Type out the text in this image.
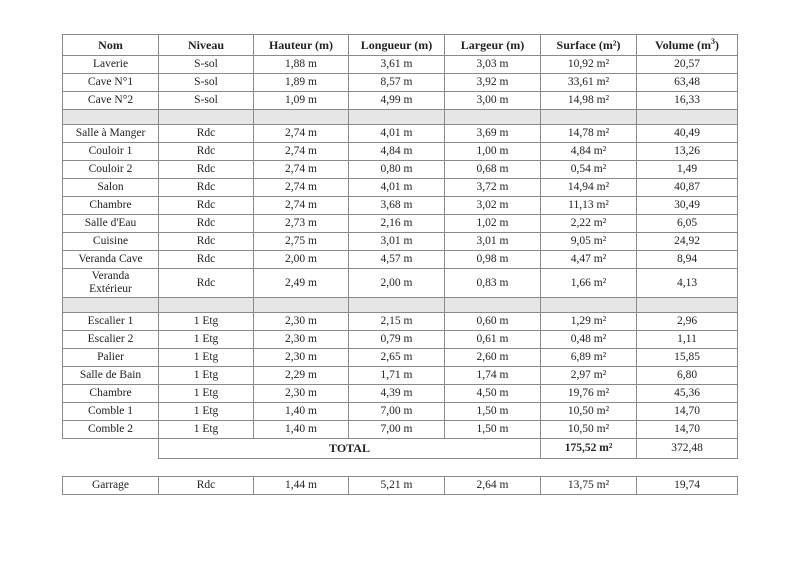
Nom	Niveau	Hauteur (m)	Longueur (m)	Largeur (m)	Surface (m²)	Volume $(m^3)$
Laverie	S-sol	1,88 m	3,61 m	3,03 m	10,92 m²	20,57
Cave N°1	S-sol	1,89 m	8,57 m	3,92 m	33,61 m²	63,48
Cave N°2	S-sol	1,09 m	4,99 m	3,00 m	14,98 m²	16,33

Salle à Manger	Rdc	2,74 m	4,01 m	3,69 m	14,78 m²	40,49
Couloir 1	Rdc	2,74 m	4,84 m	1,00 m	4,84 m²	13,26
Couloir 2	Rdc	2,74 m	0,80 m	0,68 m	0,54 m²	1,49
Salon	Rdc	2,74 m	4,01 m	3,72 m	14,94 m²	40,87
Chambre	Rdc	2,74 m	3,68 m	3,02 m	11,13 m²	30,49
Salle d'Eau	Rdc	2,73 m	2,16 m	1,02 m	2,22 m²	6,05
Cuisine	Rdc	2,75 m	3,01 m	3,01 m	9,05 m²	24,92
Veranda Cave	Rdc	2,00 m	4,57 m	0,98 m	4,47 m²	8,94
Veranda
Extérieur	Rdc	2,49 m	2,00 m	0,83 m	1,66 m²	4,13

Escalier 1	1 Etg	2,30 m	2,15 m	0,60 m	1,29 m²	2,96
Escalier 2	1 Etg	2,30 m	0,79 m	0,61 m	0,48 m²	1,11
Palier	1 Etg	2,30 m	2,65 m	2,60 m	6,89 m²	15,85
Salle de Bain	1 Etg	2,29 m	1,71 m	1,74 m	2,97 m²	6,80
Chambre	1 Etg	2,30 m	4,39 m	4,50 m	19,76 m²	45,36
Comble 1	1 Etg	1,40 m	7,00 m	1,50 m	10,50 m²	14,70
Comble 2	1 Etg	1,40 m	7,00 m	1,50 m	10,50 m²	14,70
	TOTAL				175,52 m²	372,48
Garrage	Rdc	1,44 m	5,21 m	2,64 m	13,75 m²	19,74
